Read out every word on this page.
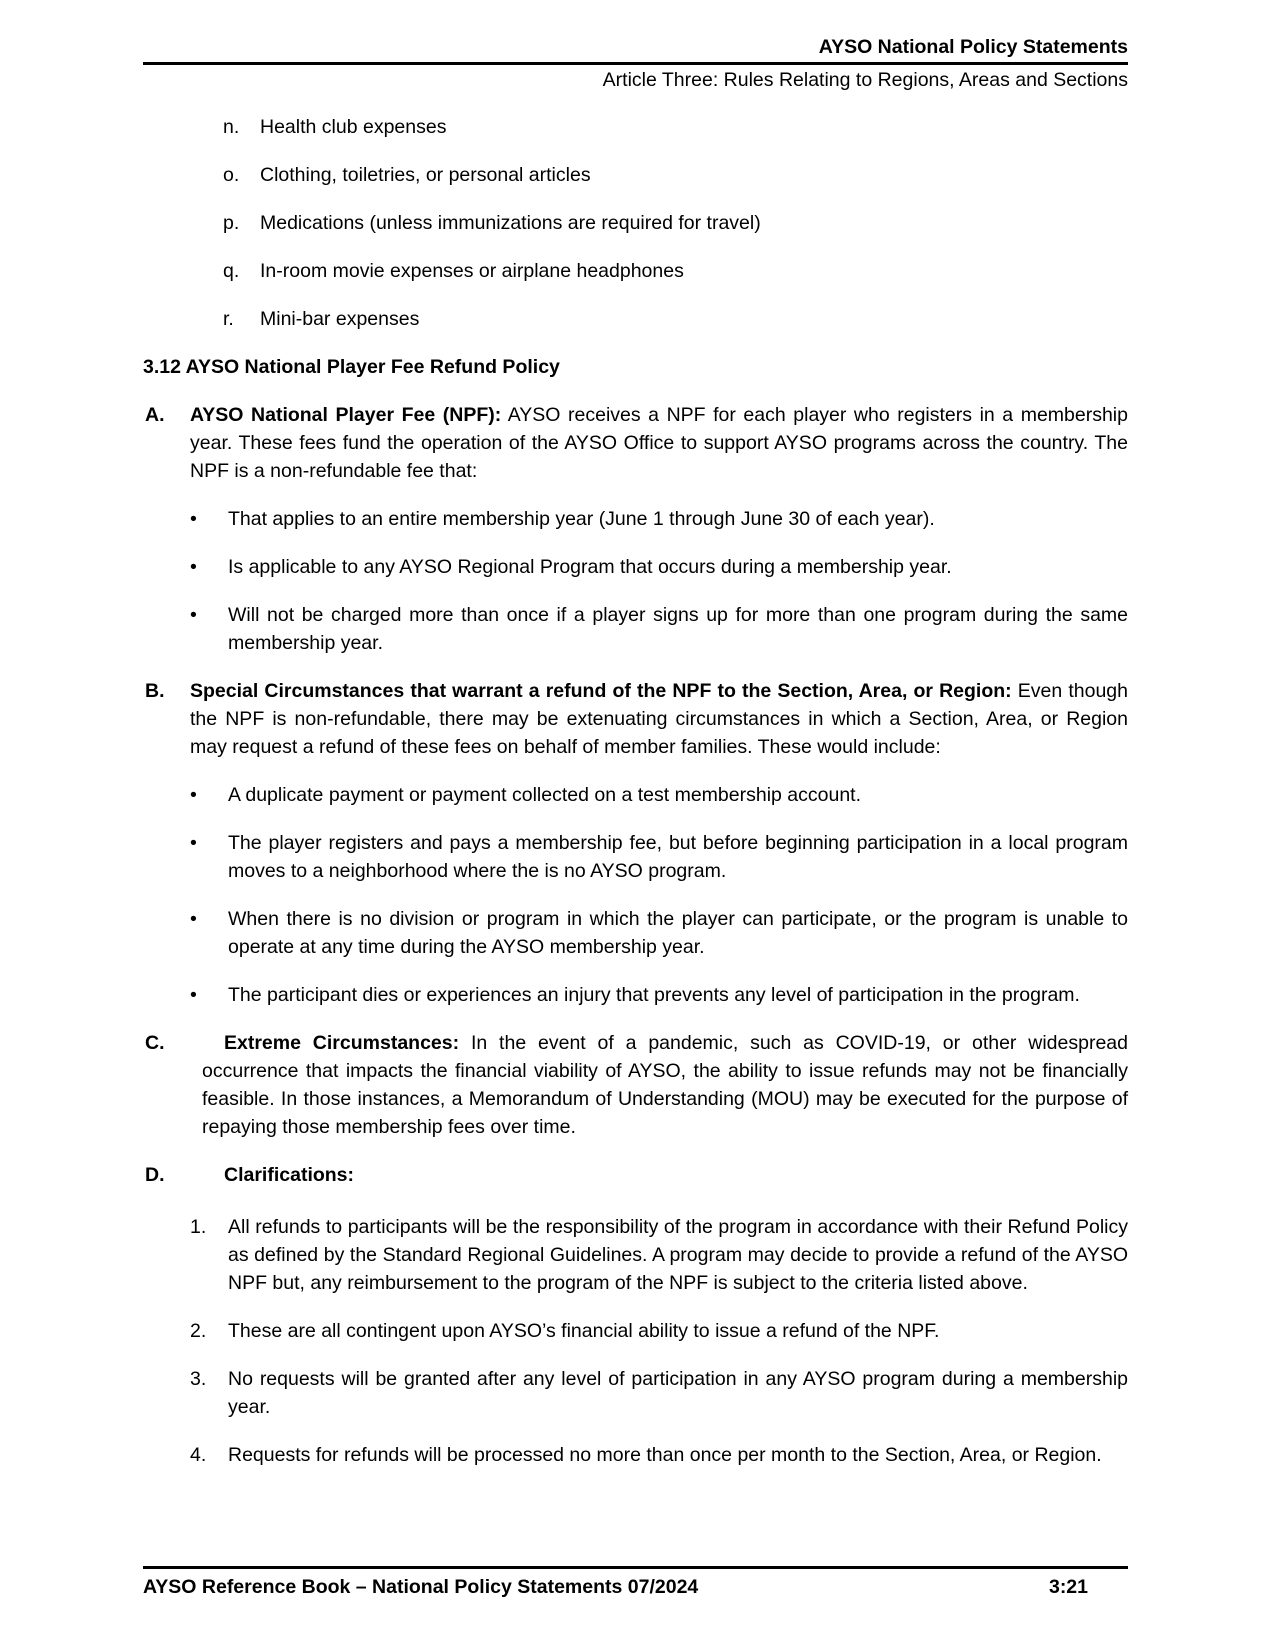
AYSO National Policy Statements
Article Three: Rules Relating to Regions, Areas and Sections
n. Health club expenses
o. Clothing, toiletries, or personal articles
p. Medications (unless immunizations are required for travel)
q. In-room movie expenses or airplane headphones
r. Mini-bar expenses
3.12 AYSO National Player Fee Refund Policy
A. AYSO National Player Fee (NPF): AYSO receives a NPF for each player who registers in a membership year. These fees fund the operation of the AYSO Office to support AYSO programs across the country. The NPF is a non-refundable fee that:
• That applies to an entire membership year (June 1 through June 30 of each year).
• Is applicable to any AYSO Regional Program that occurs during a membership year.
• Will not be charged more than once if a player signs up for more than one program during the same membership year.
B. Special Circumstances that warrant a refund of the NPF to the Section, Area, or Region: Even though the NPF is non-refundable, there may be extenuating circumstances in which a Section, Area, or Region may request a refund of these fees on behalf of member families. These would include:
• A duplicate payment or payment collected on a test membership account.
• The player registers and pays a membership fee, but before beginning participation in a local program moves to a neighborhood where the is no AYSO program.
• When there is no division or program in which the player can participate, or the program is unable to operate at any time during the AYSO membership year.
• The participant dies or experiences an injury that prevents any level of participation in the program.
C.	Extreme Circumstances: In the event of a pandemic, such as COVID-19, or other widespread occurrence that impacts the financial viability of AYSO, the ability to issue refunds may not be financially feasible. In those instances, a Memorandum of Understanding (MOU) may be executed for the purpose of repaying those membership fees over time.
D.	Clarifications:
1. All refunds to participants will be the responsibility of the program in accordance with their Refund Policy as defined by the Standard Regional Guidelines. A program may decide to provide a refund of the AYSO NPF but, any reimbursement to the program of the NPF is subject to the criteria listed above.
2. These are all contingent upon AYSO’s financial ability to issue a refund of the NPF.
3. No requests will be granted after any level of participation in any AYSO program during a membership year.
4. Requests for refunds will be processed no more than once per month to the Section, Area, or Region.
AYSO Reference Book – National Policy Statements 07/2024	3:21
